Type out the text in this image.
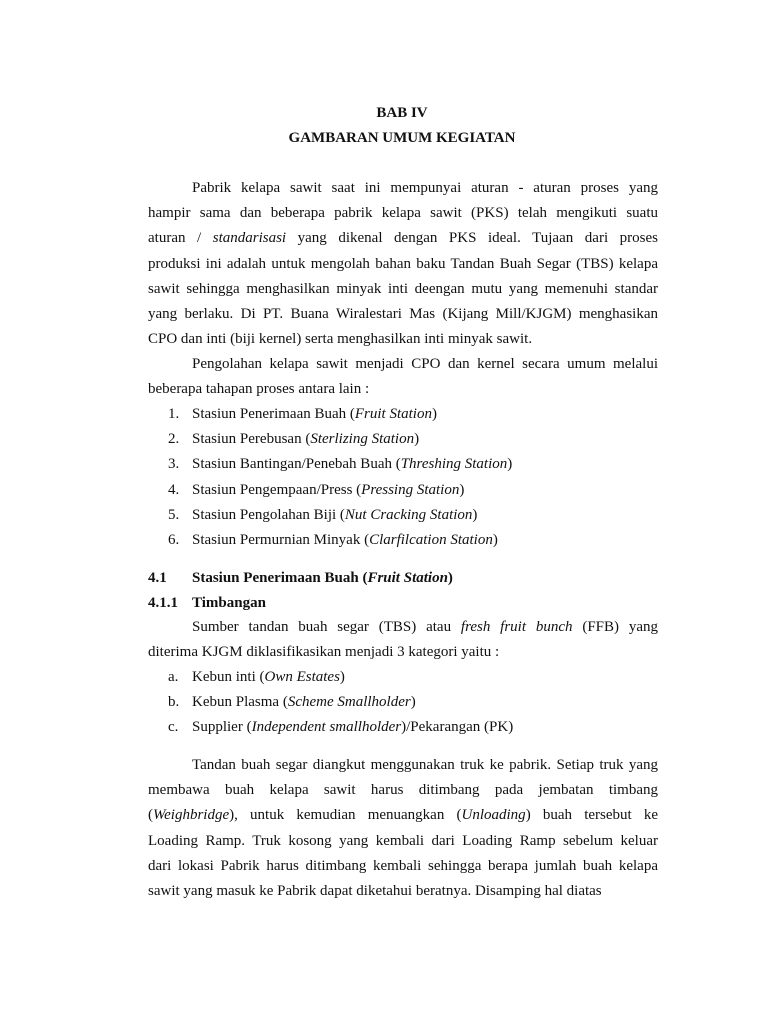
BAB IV
GAMBARAN UMUM KEGIATAN
Pabrik kelapa sawit saat ini mempunyai aturan - aturan proses yang
hampir sama dan beberapa pabrik kelapa sawit (PKS) telah mengikuti suatu
aturan / standarisasi yang dikenal dengan PKS ideal. Tujaan dari proses
produksi ini adalah untuk mengolah bahan baku Tandan Buah Segar (TBS) kelapa
sawit sehingga menghasilkan minyak inti deengan mutu yang memenuhi standar
yang berlaku. Di PT. Buana Wiralestari Mas (Kijang Mill/KJGM) menghasikan
CPO dan inti (biji kernel) serta menghasilkan inti minyak sawit.
Pengolahan kelapa sawit menjadi CPO dan kernel secara umum melalui
beberapa tahapan proses antara lain :
1. Stasiun Penerimaan Buah (Fruit Station)
2. Stasiun Perebusan (Sterlizing Station)
3. Stasiun Bantingan/Penebah Buah (Threshing Station)
4. Stasiun Pengempaan/Press (Pressing Station)
5. Stasiun Pengolahan Biji (Nut Cracking Station)
6. Stasiun Permurnian Minyak (Clarfilcation Station)
4.1 Stasiun Penerimaan Buah (Fruit Station)
4.1.1 Timbangan
Sumber tandan buah segar (TBS) atau fresh fruit bunch (FFB) yang
diterima KJGM diklasifikasikan menjadi 3 kategori yaitu :
a. Kebun inti (Own Estates)
b. Kebun Plasma (Scheme Smallholder)
c. Supplier (Independent smallholder)/Pekarangan (PK)
Tandan buah segar diangkut menggunakan truk ke pabrik. Setiap truk yang
membawa buah kelapa sawit harus ditimbang pada jembatan timbang
(Weighbridge), untuk kemudian menuangkan (Unloading) buah tersebut ke
Loading Ramp. Truk kosong yang kembali dari Loading Ramp sebelum keluar
dari lokasi Pabrik harus ditimbang kembali sehingga berapa jumlah buah kelapa
sawit yang masuk ke Pabrik dapat diketahui beratnya. Disamping hal diatas
